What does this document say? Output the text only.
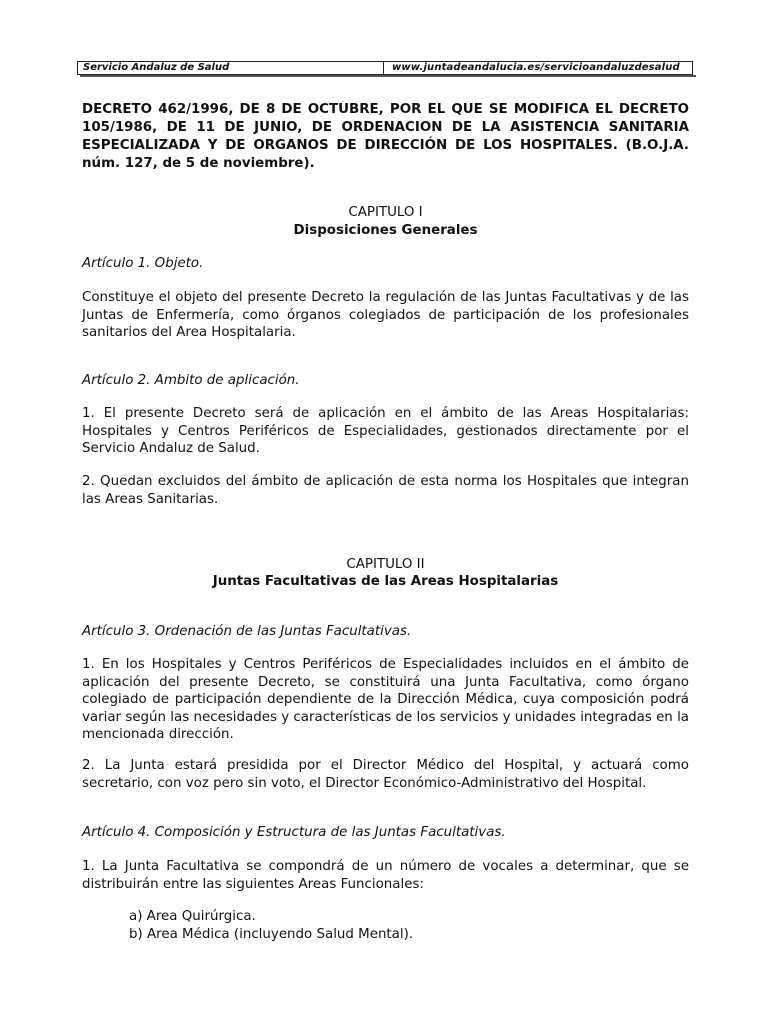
Servicio Andaluz de Salud	www.juntadeandalucia.es/servicioandaluzdesalud
DECRETO 462/1996, DE 8 DE OCTUBRE, POR EL QUE SE MODIFICA EL DECRETO 105/1986, DE 11 DE JUNIO, DE ORDENACION DE LA ASISTENCIA SANITARIA ESPECIALIZADA Y DE ORGANOS DE DIRECCIÓN DE LOS HOSPITALES. (B.O.J.A. núm. 127, de 5 de noviembre).
CAPITULO I
Disposiciones Generales
Artículo 1. Objeto.
Constituye el objeto del presente Decreto la regulación de las Juntas Facultativas y de las Juntas de Enfermería, como órganos colegiados de participación de los profesionales sanitarios del Area Hospitalaria.
Artículo 2. Ambito de aplicación.
1. El presente Decreto será de aplicación en el ámbito de las Areas Hospitalarias: Hospitales y Centros Periféricos de Especialidades, gestionados directamente por el Servicio Andaluz de Salud.
2. Quedan excluidos del ámbito de aplicación de esta norma los Hospitales que integran las Areas Sanitarias.
CAPITULO II
Juntas Facultativas de las Areas Hospitalarias
Artículo 3. Ordenación de las Juntas Facultativas.
1. En los Hospitales y Centros Periféricos de Especialidades incluidos en el ámbito de aplicación del presente Decreto, se constituirá una Junta Facultativa, como órgano colegiado de participación dependiente de la Dirección Médica, cuya composición podrá variar según las necesidades y características de los servicios y unidades integradas en la mencionada dirección.
2. La Junta estará presidida por el Director Médico del Hospital, y actuará como secretario, con voz pero sin voto, el Director Económico-Administrativo del Hospital.
Artículo 4. Composición y Estructura de las Juntas Facultativas.
1. La Junta Facultativa se compondrá de un número de vocales a determinar, que se distribuirán entre las siguientes Areas Funcionales:
a) Area Quirúrgica.
b) Area Médica (incluyendo Salud Mental).
